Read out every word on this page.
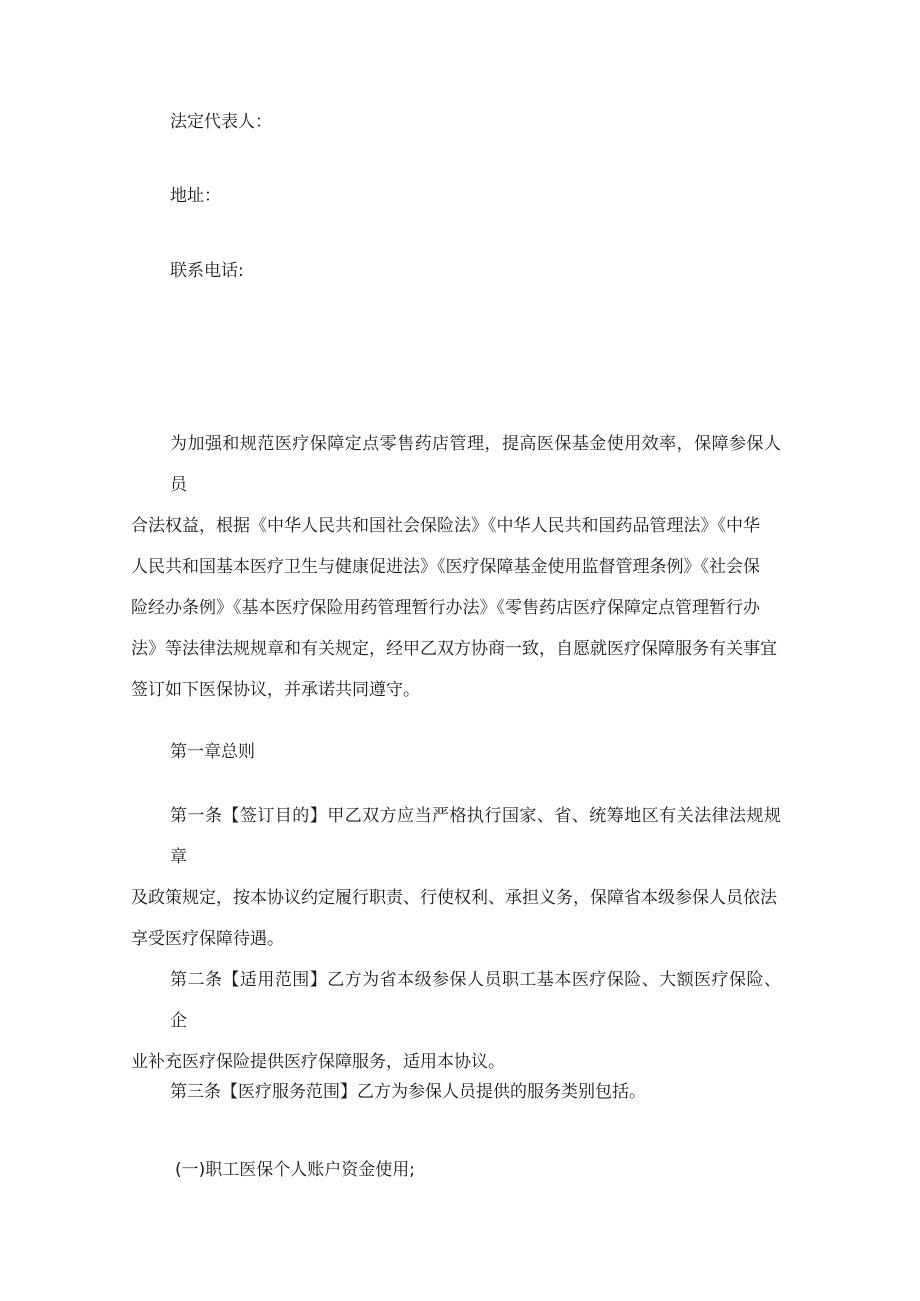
法定代表人：

地址：

联系电话:

为加强和规范医疗保障定点零售药店管理，提高医保基金使用效率，保障参保人员
合法权益，根据《中华人民共和国社会保险法》《中华人民共和国药品管理法》《中华
人民共和国基本医疗卫生与健康促进法》《医疗保障基金使用监督管理条例》《社会保
险经办条例》《基本医疗保险用药管理暂行办法》《零售药店医疗保障定点管理暂行办
法》等法律法规规章和有关规定，经甲乙双方协商一致，自愿就医疗保障服务有关事宜
签订如下医保协议，并承诺共同遵守。
第一章总则
第一条【签订目的】甲乙双方应当严格执行国家、省、统筹地区有关法律法规规章
及政策规定，按本协议约定履行职责、行使权利、承担义务，保障省本级参保人员依法
享受医疗保障待遇。
第二条【适用范围】乙方为省本级参保人员职工基本医疗保险、大额医疗保险、企
业补充医疗保险提供医疗保障服务，适用本协议。
第三条【医疗服务范围】乙方为参保人员提供的服务类别包括。
(一)职工医保个人账户资金使用;
